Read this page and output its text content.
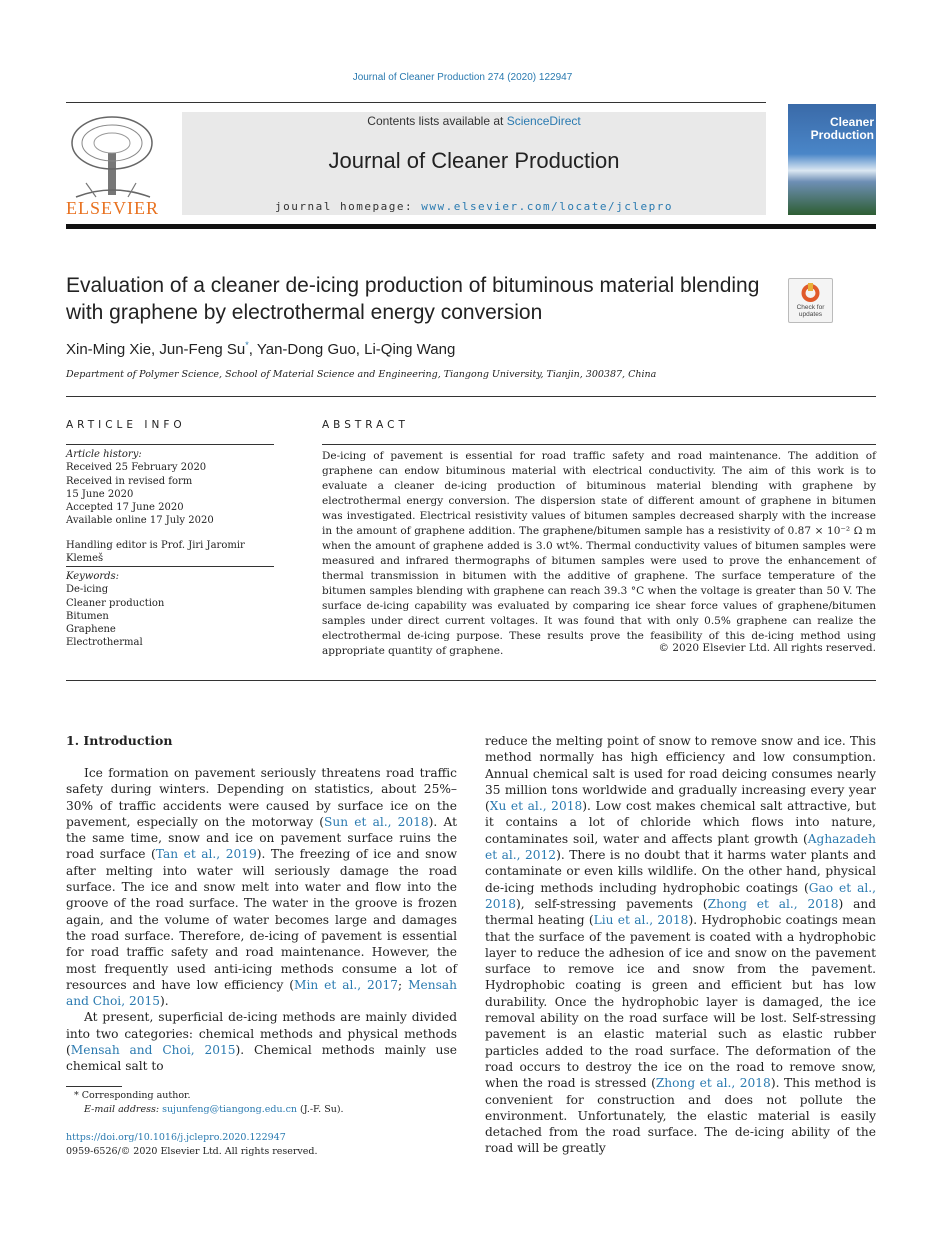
Journal of Cleaner Production 274 (2020) 122947
ELSEVIER
Contents lists available at ScienceDirect
Journal of Cleaner Production
journal homepage: www.elsevier.com/locate/jclepro
Cleaner Production
Evaluation of a cleaner de-icing production of bituminous material blending with graphene by electrothermal energy conversion	Check for updates
Xin-Ming Xie, Jun-Feng Su*, Yan-Dong Guo, Li-Qing Wang
Department of Polymer Science, School of Material Science and Engineering, Tiangong University, Tianjin, 300387, China
ARTICLE INFO
Article history:
Received 25 February 2020
Received in revised form
15 June 2020
Accepted 17 June 2020
Available online 17 July 2020
Handling editor is Prof. Jiri Jaromir Klemeš
Keywords:
De-icing
Cleaner production
Bitumen
Graphene
Electrothermal
ABSTRACT
De-icing of pavement is essential for road traffic safety and road maintenance. The addition of graphene can endow bituminous material with electrical conductivity. The aim of this work is to evaluate a cleaner de-icing production of bituminous material blending with graphene by electrothermal energy conversion. The dispersion state of different amount of graphene in bitumen was investigated. Electrical resistivity values of bitumen samples decreased sharply with the increase in the amount of graphene addition. The graphene/bitumen sample has a resistivity of 0.87 × 10⁻² Ω m when the amount of graphene added is 3.0 wt%. Thermal conductivity values of bitumen samples were measured and infrared thermographs of bitumen samples were used to prove the enhancement of thermal transmission in bitumen with the additive of graphene. The surface temperature of the bitumen samples blending with graphene can reach 39.3 °C when the voltage is greater than 50 V. The surface de-icing capability was evaluated by comparing ice shear force values of graphene/bitumen samples under direct current voltages. It was found that with only 0.5% graphene can realize the electrothermal de-icing purpose. These results prove the feasibility of this de-icing method using appropriate quantity of graphene.	© 2020 Elsevier Ltd. All rights reserved.
1. Introduction

Ice formation on pavement seriously threatens road traffic safety during winters. Depending on statistics, about 25%–30% of traffic accidents were caused by surface ice on the pavement, especially on the motorway (Sun et al., 2018). At the same time, snow and ice on pavement surface ruins the road surface (Tan et al., 2019). The freezing of ice and snow after melting into water will seriously damage the road surface. The ice and snow melt into water and flow into the groove of the road surface. The water in the groove is frozen again, and the volume of water becomes large and damages the road surface. Therefore, de-icing of pavement is essential for road traffic safety and road maintenance. However, the most frequently used anti-icing methods consume a lot of resources and have low efficiency (Min et al., 2017; Mensah and Choi, 2015).

At present, superficial de-icing methods are mainly divided into two categories: chemical methods and physical methods (Mensah and Choi, 2015). Chemical methods mainly use chemical salt to

reduce the melting point of snow to remove snow and ice. This method normally has high efficiency and low consumption. Annual chemical salt is used for road deicing consumes nearly 35 million tons worldwide and gradually increasing every year (Xu et al., 2018). Low cost makes chemical salt attractive, but it contains a lot of chloride which flows into nature, contaminates soil, water and affects plant growth (Aghazadeh et al., 2012). There is no doubt that it harms water plants and contaminate or even kills wildlife. On the other hand, physical de-icing methods including hydrophobic coatings (Gao et al., 2018), self-stressing pavements (Zhong et al., 2018) and thermal heating (Liu et al., 2018). Hydrophobic coatings mean that the surface of the pavement is coated with a hydrophobic layer to reduce the adhesion of ice and snow on the pavement surface to remove ice and snow from the pavement. Hydrophobic coating is green and efficient but has low durability. Once the hydrophobic layer is damaged, the ice removal ability on the road surface will be lost. Self-stressing pavement is an elastic material such as elastic rubber particles added to the road surface. The deformation of the road occurs to destroy the ice on the road to remove snow, when the road is stressed (Zhong et al., 2018). This method is convenient for construction and does not pollute the environment. Unfortunately, the elastic material is easily detached from the road surface. The de-icing ability of the road will be greatly

* Corresponding author.
E-mail address: sujunfeng@tiangong.edu.cn (J.-F. Su).
https://doi.org/10.1016/j.jclepro.2020.122947
0959-6526/© 2020 Elsevier Ltd. All rights reserved.
